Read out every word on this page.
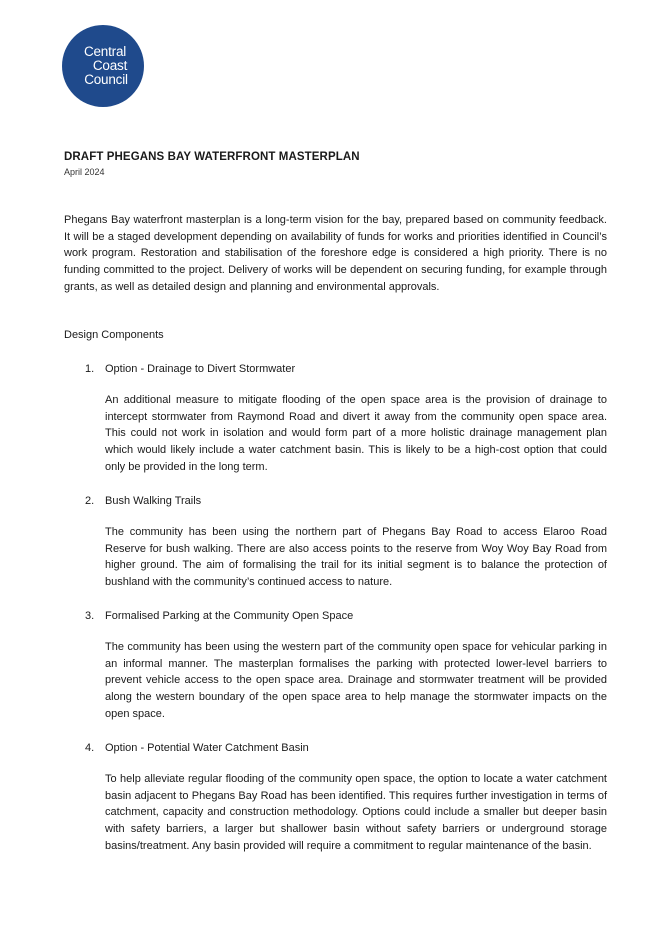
Central
Coast
Council
DRAFT PHEGANS BAY WATERFRONT MASTERPLAN
April 2024

Phegans Bay waterfront masterplan is a long-term vision for the bay, prepared based on community feedback. It will be a staged development depending on availability of funds for works and priorities identified in Council’s work program. Restoration and stabilisation of the foreshore edge is considered a high priority. There is no funding committed to the project. Delivery of works will be dependent on securing funding, for example through grants, as well as detailed design and planning and environmental approvals.

Design Components
1. Option - Drainage to Divert Stormwater
An additional measure to mitigate flooding of the open space area is the provision of drainage to intercept stormwater from Raymond Road and divert it away from the community open space area. This could not work in isolation and would form part of a more holistic drainage management plan which would likely include a water catchment basin. This is likely to be a high-cost option that could only be provided in the long term.
2. Bush Walking Trails
The community has been using the northern part of Phegans Bay Road to access Elaroo Road Reserve for bush walking. There are also access points to the reserve from Woy Woy Bay Road from higher ground. The aim of formalising the trail for its initial segment is to balance the protection of bushland with the community’s continued access to nature.
3. Formalised Parking at the Community Open Space
The community has been using the western part of the community open space for vehicular parking in an informal manner. The masterplan formalises the parking with protected lower-level barriers to prevent vehicle access to the open space area. Drainage and stormwater treatment will be provided along the western boundary of the open space area to help manage the stormwater impacts on the open space.
4. Option - Potential Water Catchment Basin
To help alleviate regular flooding of the community open space, the option to locate a water catchment basin adjacent to Phegans Bay Road has been identified. This requires further investigation in terms of catchment, capacity and construction methodology. Options could include a smaller but deeper basin with safety barriers, a larger but shallower basin without safety barriers or underground storage basins/treatment. Any basin provided will require a commitment to regular maintenance of the basin.
